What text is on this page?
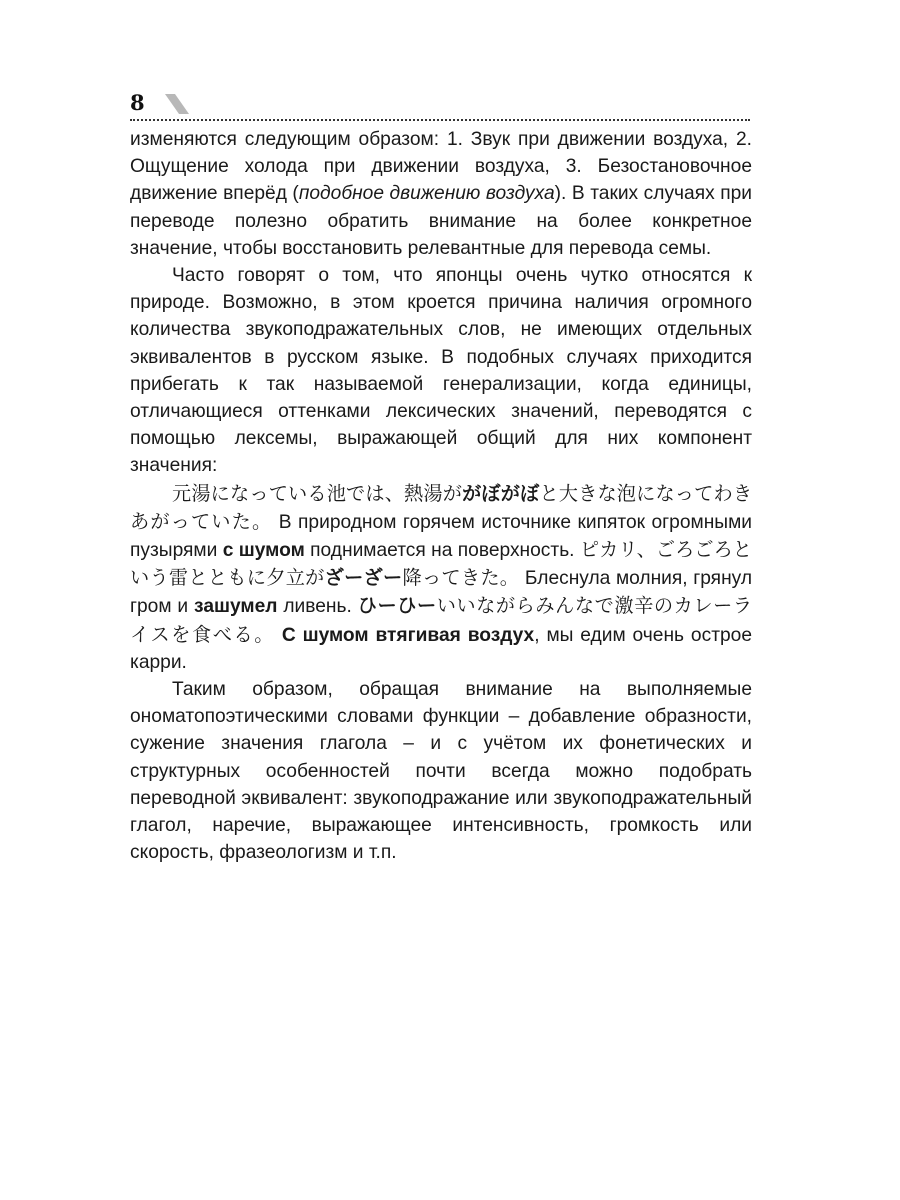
8

изменяются следующим образом: 1. Звук при движении воздуха, 2. Ощущение холода при движении воздуха, 3. Безостановочное движение вперёд (подобное движению воздуха). В таких случаях при переводе полезно обратить внимание на более конкретное значение, чтобы восстановить релевантные для перевода семы.

Часто говорят о том, что японцы очень чутко относятся к природе. Возможно, в этом кроется причина наличия огромного количества звукоподражательных слов, не имеющих отдельных эквивалентов в русском языке. В подобных случаях приходится прибегать к так называемой генерализации, когда единицы, отличающиеся оттенками лексических значений, переводятся с помощью лексемы, выражающей общий для них компонент значения:

元湯になっている池では、熱湯ががぼがぼと大きな泡になってわきあがっていた。 В природном горячем источнике кипяток огромными пузырями с шумом поднимается на поверхность. ピカリ、ごろごろという雷とともに夕立がざーざー降ってきた。 Блеснула молния, грянул гром и зашумел ливень. ひーひーいいながらみんなで激辛のカレーライスを食べる。 С шумом втягивая воздух, мы едим очень острое карри.

Таким образом, обращая внимание на выполняемые ономатопоэтическими словами функции – добавление образности, сужение значения глагола – и с учётом их фонетических и структурных особенностей почти всегда можно подобрать переводной эквивалент: звукоподражание или звукоподражательный глагол, наречие, выражающее интенсивность, громкость или скорость, фразеологизм и т.п.
